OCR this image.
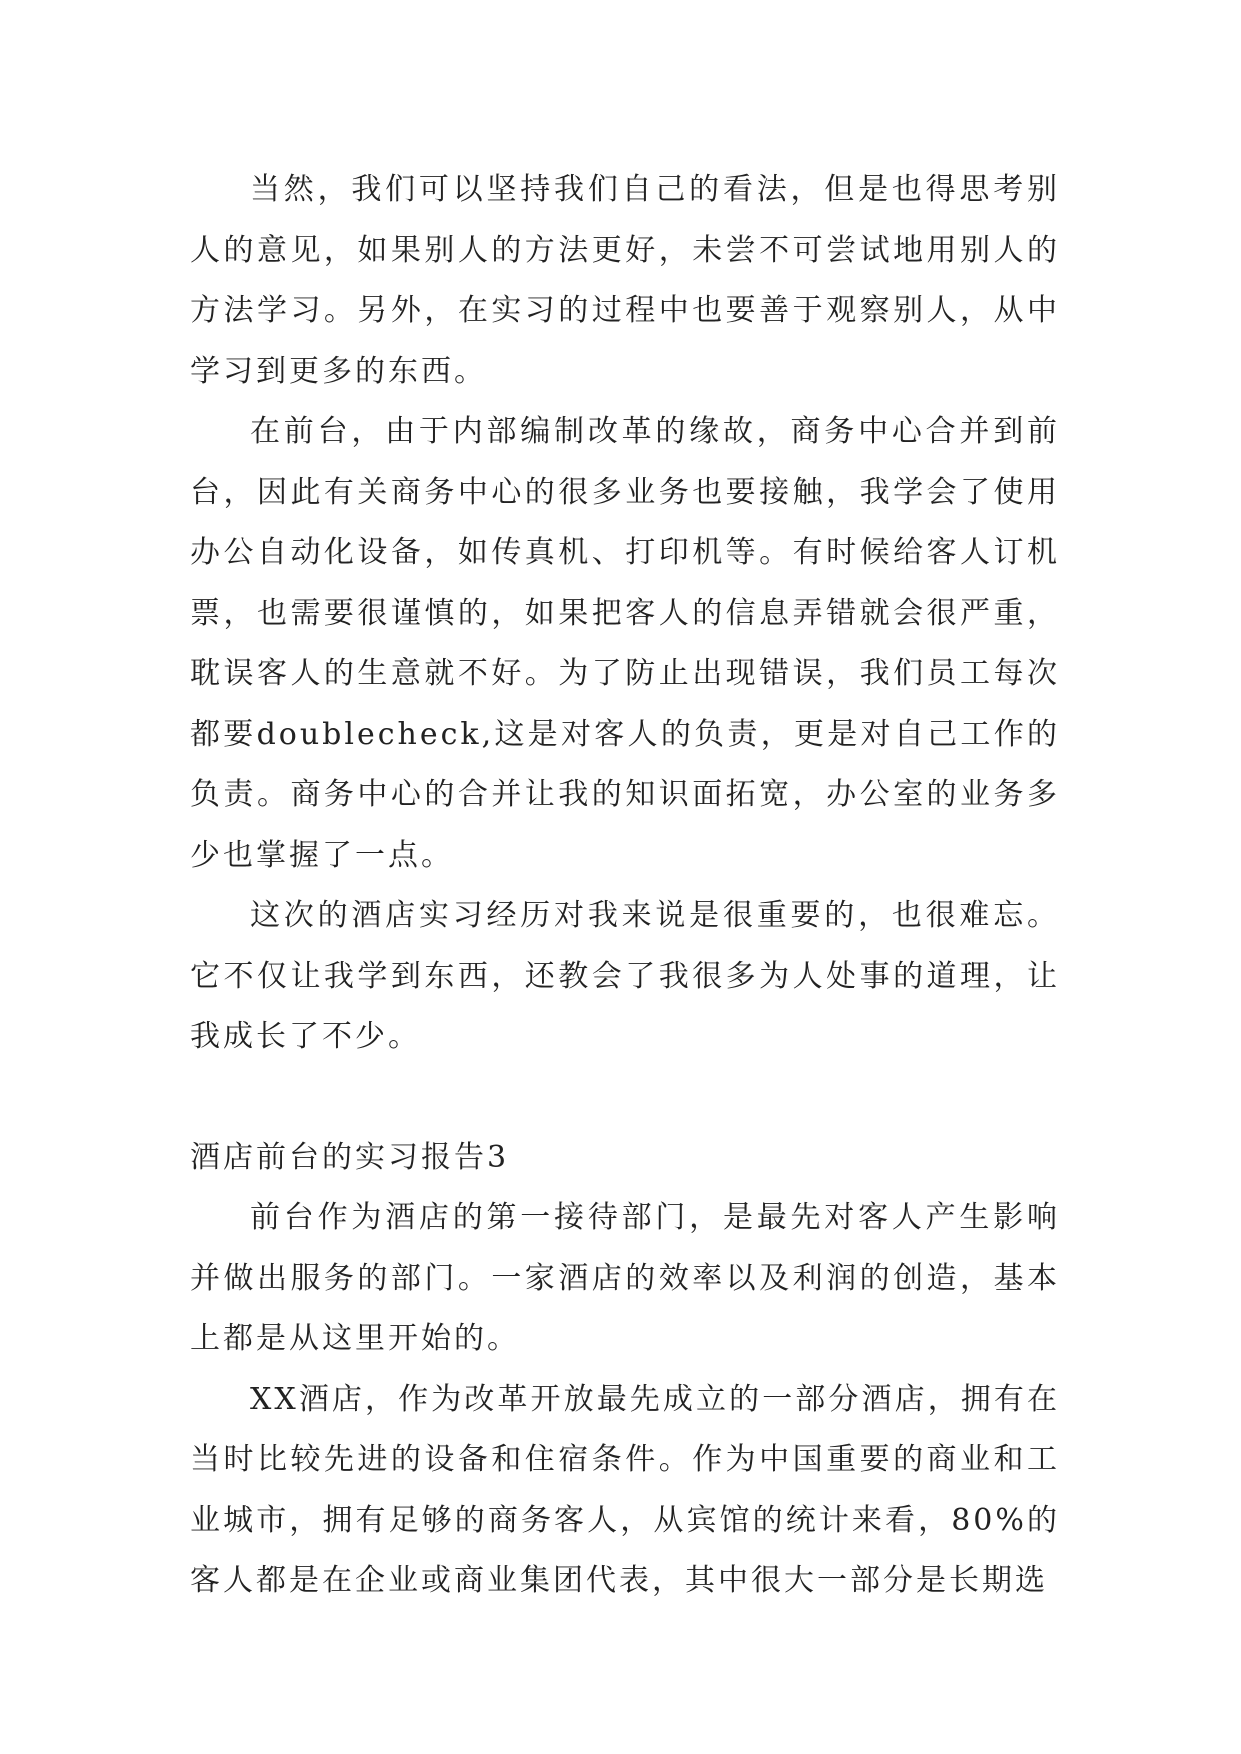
当然，我们可以坚持我们自己的看法，但是也得思考别人的意见，如果别人的方法更好，未尝不可尝试地用别人的方法学习。另外，在实习的过程中也要善于观察别人，从中学习到更多的东西。

在前台，由于内部编制改革的缘故，商务中心合并到前台，因此有关商务中心的很多业务也要接触，我学会了使用办公自动化设备，如传真机、打印机等。有时候给客人订机票，也需要很谨慎的，如果把客人的信息弄错就会很严重，耽误客人的生意就不好。为了防止出现错误，我们员工每次都要doublecheck,这是对客人的负责，更是对自己工作的负责。商务中心的合并让我的知识面拓宽，办公室的业务多少也掌握了一点。

这次的酒店实习经历对我来说是很重要的，也很难忘。它不仅让我学到东西，还教会了我很多为人处事的道理，让我成长了不少。

酒店前台的实习报告3

前台作为酒店的第一接待部门，是最先对客人产生影响并做出服务的部门。一家酒店的效率以及利润的创造，基本上都是从这里开始的。

XX酒店，作为改革开放最先成立的一部分酒店，拥有在当时比较先进的设备和住宿条件。作为中国重要的商业和工业城市，拥有足够的商务客人，从宾馆的统计来看，80%的客人都是在企业或商业集团代表，其中很大一部分是长期选
